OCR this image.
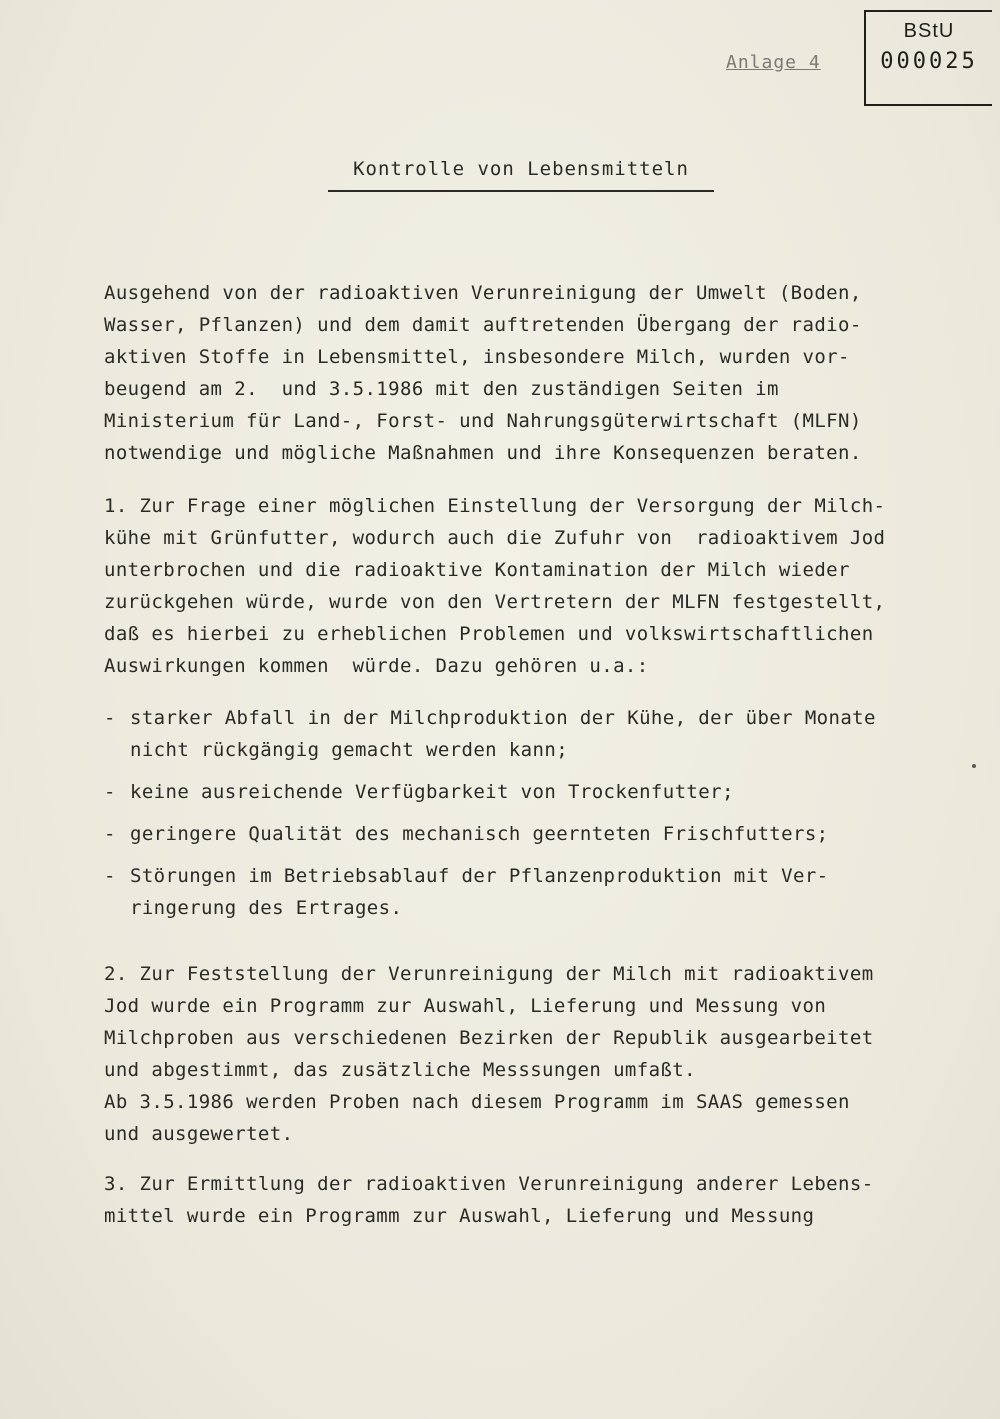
BStU
000025
Anlage 4
Kontrolle von Lebensmitteln
Ausgehend von der radioaktiven Verunreinigung der Umwelt (Boden,
Wasser, Pflanzen) und dem damit auftretenden Übergang der radio-
aktiven Stoffe in Lebensmittel, insbesondere Milch, wurden vor-
beugend am 2.  und 3.5.1986 mit den zuständigen Seiten im
Ministerium für Land-, Forst- und Nahrungsgüterwirtschaft (MLFN)
notwendige und mögliche Maßnahmen und ihre Konsequenzen beraten.
1. Zur Frage einer möglichen Einstellung der Versorgung der Milch-
kühe mit Grünfutter, wodurch auch die Zufuhr von  radioaktivem Jod
unterbrochen und die radioaktive Kontamination der Milch wieder
zurückgehen würde, wurde von den Vertretern der MLFN festgestellt,
daß es hierbei zu erheblichen Problemen und volkswirtschaftlichen
Auswirkungen kommen  würde. Dazu gehören u.a.:
- starker Abfall in der Milchproduktion der Kühe, der über Monate
nicht rückgängig gemacht werden kann;
- keine ausreichende Verfügbarkeit von Trockenfutter;
- geringere Qualität des mechanisch geernteten Frischfutters;
- Störungen im Betriebsablauf der Pflanzenproduktion mit Ver-
ringerung des Ertrages.
2. Zur Feststellung der Verunreinigung der Milch mit radioaktivem
Jod wurde ein Programm zur Auswahl, Lieferung und Messung von
Milchproben aus verschiedenen Bezirken der Republik ausgearbeitet
und abgestimmt, das zusätzliche Messsungen umfaßt.
Ab 3.5.1986 werden Proben nach diesem Programm im SAAS gemessen
und ausgewertet.
3. Zur Ermittlung der radioaktiven Verunreinigung anderer Lebens-
mittel wurde ein Programm zur Auswahl, Lieferung und Messung
